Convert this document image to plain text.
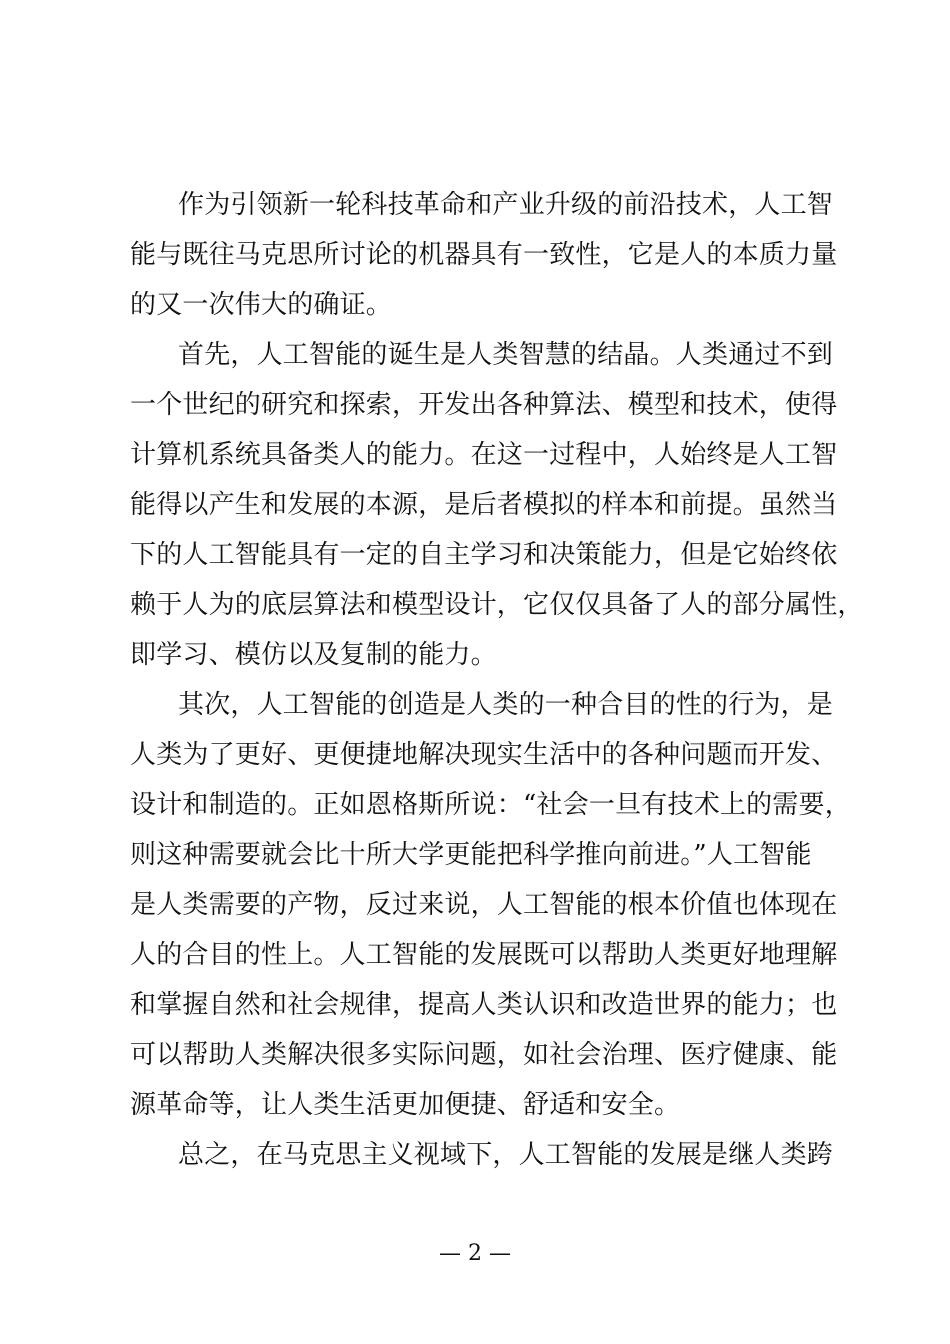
作为引领新一轮科技革命和产业升级的前沿技术，人工智
能与既往马克思所讨论的机器具有一致性，它是人的本质力量
的又一次伟大的确证。
首先，人工智能的诞生是人类智慧的结晶。人类通过不到
一个世纪的研究和探索，开发出各种算法、模型和技术，使得
计算机系统具备类人的能力。在这一过程中，人始终是人工智
能得以产生和发展的本源，是后者模拟的样本和前提。虽然当
下的人工智能具有一定的自主学习和决策能力，但是它始终依
赖于人为的底层算法和模型设计，它仅仅具备了人的部分属性，
即学习、模仿以及复制的能力。
其次，人工智能的创造是人类的一种合目的性的行为，是
人类为了更好、更便捷地解决现实生活中的各种问题而开发、
设计和制造的。正如恩格斯所说：“社会一旦有技术上的需要，
则这种需要就会比十所大学更能把科学推向前进。”人工智能
是人类需要的产物，反过来说，人工智能的根本价值也体现在
人的合目的性上。人工智能的发展既可以帮助人类更好地理解
和掌握自然和社会规律，提高人类认识和改造世界的能力；也
可以帮助人类解决很多实际问题，如社会治理、医疗健康、能
源革命等，让人类生活更加便捷、舒适和安全。
总之，在马克思主义视域下，人工智能的发展是继人类跨
— 2 —
